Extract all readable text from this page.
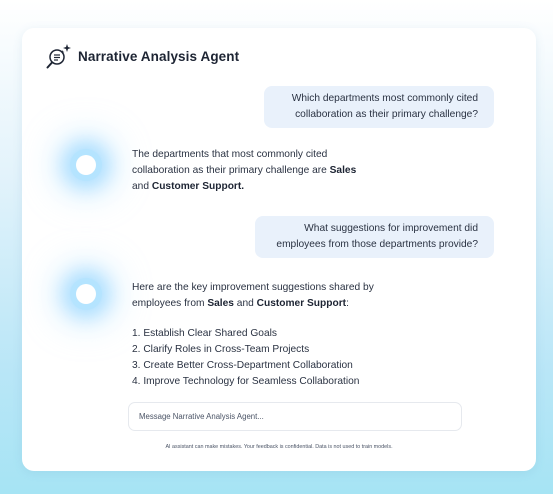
Narrative Analysis Agent
Which departments most commonly cited collaboration as their primary challenge?
The departments that most commonly cited collaboration as their primary challenge are Sales
and Customer Support.
What suggestions for improvement did employees from those departments provide?
Here are the key improvement suggestions shared by employees from Sales and Customer Support:
1. Establish Clear Shared Goals
2. Clarify Roles in Cross-Team Projects
3. Create Better Cross-Department Collaboration
4. Improve Technology for Seamless Collaboration
Message Narrative Analysis Agent...
AI assistant can make mistakes. Your feedback is confidential. Data is not used to train models.
